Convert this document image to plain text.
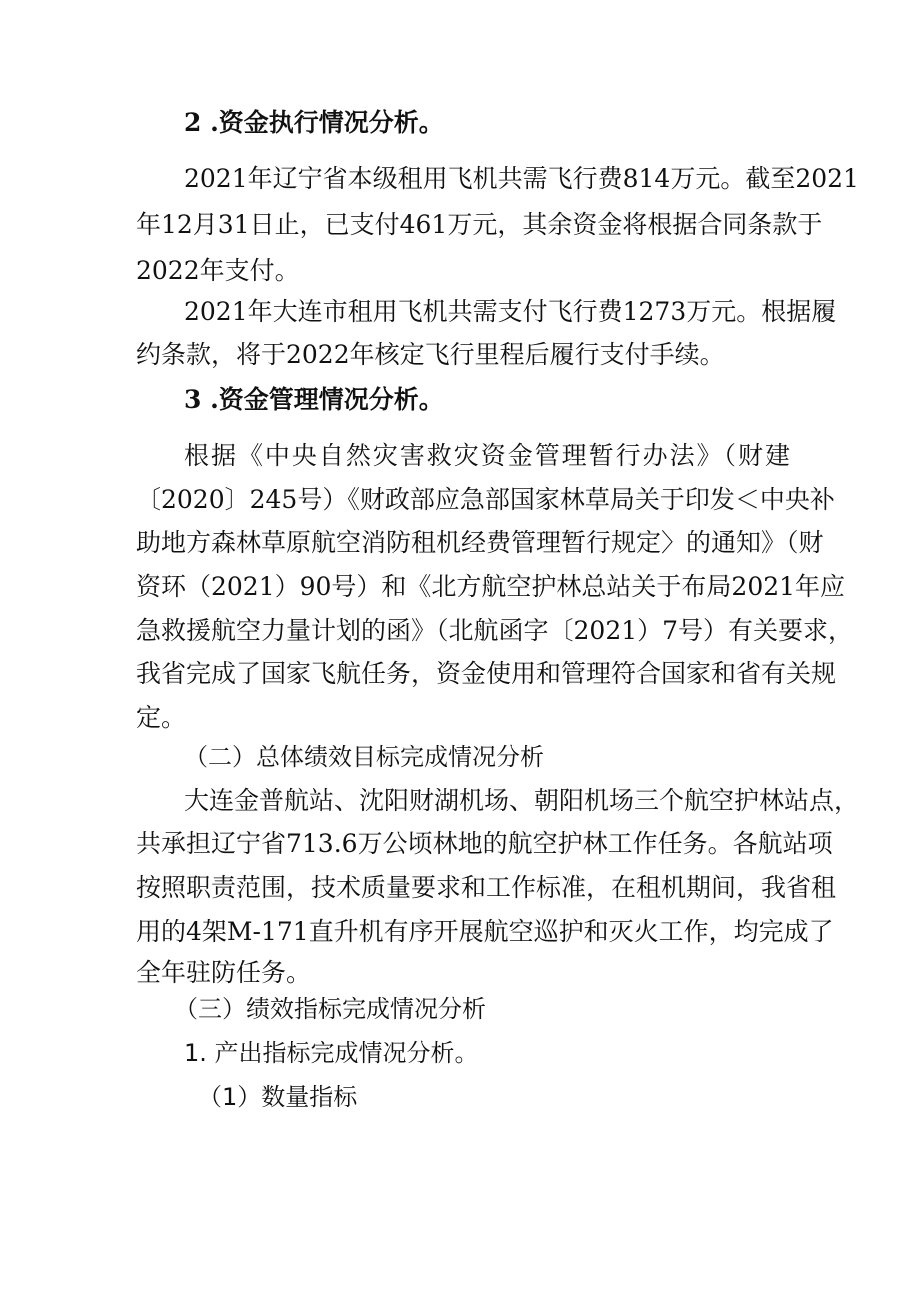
2 .资金执行情况分析。
2021年辽宁省本级租用飞机共需飞行费814万元。截至2021
年12月31日止，已支付461万元，其余资金将根据合同条款于
2022年支付。
2021年大连市租用飞机共需支付飞行费1273万元。根据履
约条款，将于2022年核定飞行里程后履行支付手续。
3 .资金管理情况分析。
根据《中央自然灾害救灾资金管理暂行办法》（财建
〔2020〕245号）《财政部应急部国家林草局关于印发＜中央补
助地方森林草原航空消防租机经费管理暂行规定〉的通知》（财
资环（2021）90号）和《北方航空护林总站关于布局2021年应
急救援航空力量计划的函》（北航函字〔2021）7号）有关要求，
我省完成了国家飞航任务，资金使用和管理符合国家和省有关规
定。
（二）总体绩效目标完成情况分析
大连金普航站、沈阳财湖机场、朝阳机场三个航空护林站点，
共承担辽宁省713.6万公顷林地的航空护林工作任务。各航站项
按照职责范围，技术质量要求和工作标准，在租机期间，我省租
用的4架M-171直升机有序开展航空巡护和灭火工作，均完成了
全年驻防任务。
（三）绩效指标完成情况分析
1. 产出指标完成情况分析。
（1）数量指标
